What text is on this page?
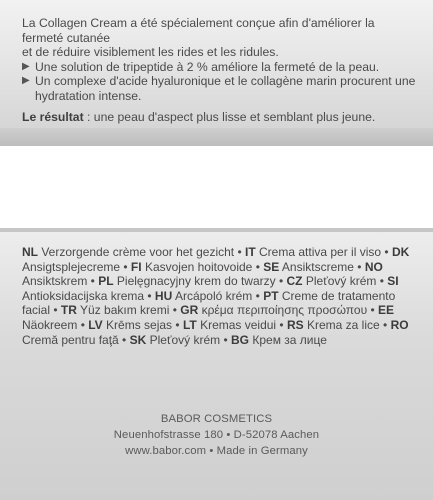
La Collagen Cream a été spécialement conçue afin d'améliorer la fermeté cutanée

et de réduire visiblement les rides et les ridules.

▶ Une solution de tripeptide à 2 % améliore la fermeté de la peau.
▶ Un complexe d'acide hyaluronique et le collagène marin procurent une hydratation intense.

Le résultat : une peau d'aspect plus lisse et semblant plus jeune.

NL Verzorgende crème voor het gezicht • IT Crema attiva per il viso • DK Ansigtsplejecreme • FI Kasvojen hoitovoide • SE Ansiktscreme • NO Ansiktskrem • PL Pielęgnacyjny krem do twarzy • CZ Pleťový krém • SI Antioksidacijska krema • HU Arcápoló krém • PT Creme de tratamento facial • TR Yüz bakım kremi • GR κρέμα περιποίησης προσώπου • EE Näokreem • LV Krēms sejas • LT Kremas veidui • RS Krema za lice • RO Cremă pentru faţă • SK Pleťový krém • BG Крем за лице
BABOR COSMETICS
Neuenhofstrasse 180 • D-52078 Aachen
www.babor.com • Made in Germany
